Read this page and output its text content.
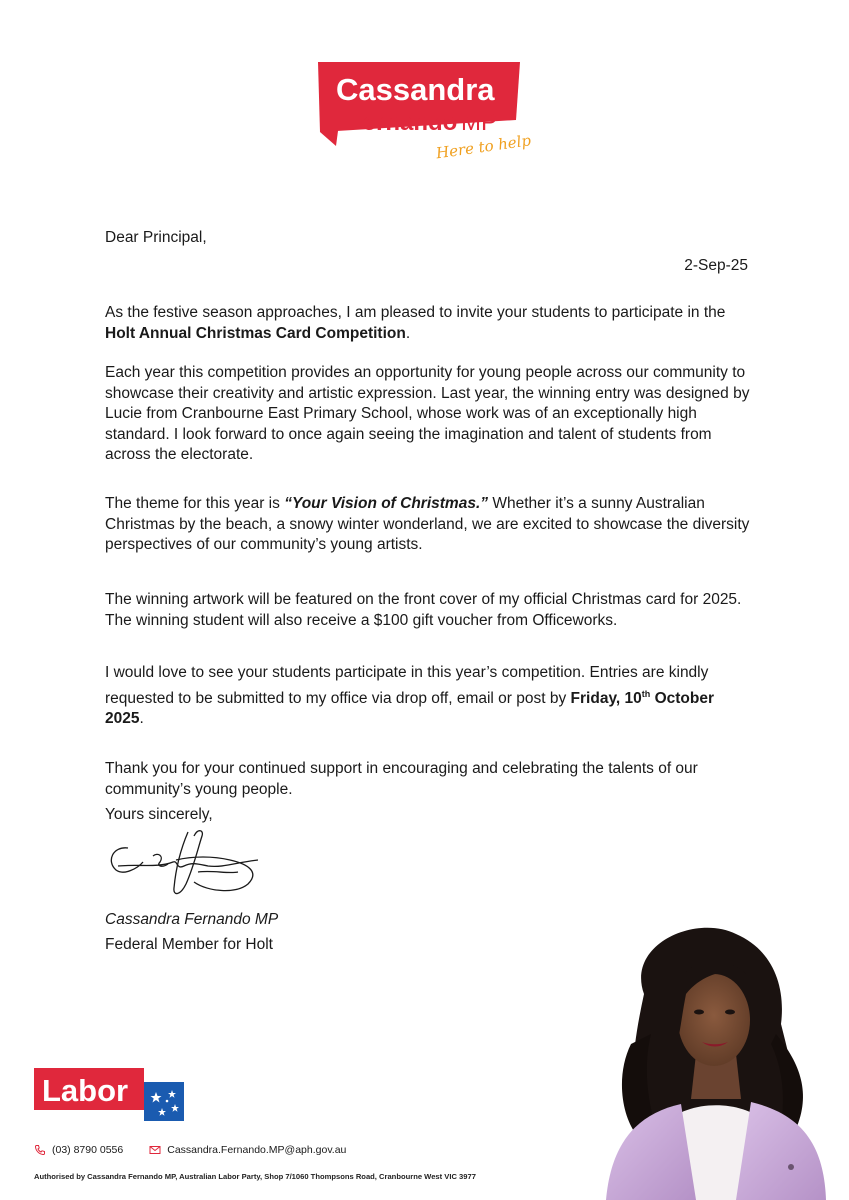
Cassandra
Fernando MP
Here to help
Dear Principal,
2-Sep-25

As the festive season approaches, I am pleased to invite your students to participate in the Holt Annual Christmas Card Competition.

Each year this competition provides an opportunity for young people across our community to showcase their creativity and artistic expression. Last year, the winning entry was designed by Lucie from Cranbourne East Primary School, whose work was of an exceptionally high standard. I look forward to once again seeing the imagination and talent of students from across the electorate.

The theme for this year is “Your Vision of Christmas.” Whether it’s a sunny Australian Christmas by the beach, a snowy winter wonderland, we are excited to showcase the diversity perspectives of our community’s young artists.

The winning artwork will be featured on the front cover of my official Christmas card for 2025. The winning student will also receive a $100 gift voucher from Officeworks.

I would love to see your students participate in this year’s competition. Entries are kindly requested to be submitted to my office via drop off, email or post by Friday, 10th October 2025.

Thank you for your continued support in encouraging and celebrating the talents of our community’s young people.

Yours sincerely,
Cassandra Fernando MP
Federal Member for Holt
Labor
(03) 8790 0556	Cassandra.Fernando.MP@aph.gov.au
Authorised by Cassandra Fernando MP, Australian Labor Party, Shop 7/1060 Thompsons Road, Cranbourne West VIC 3977
